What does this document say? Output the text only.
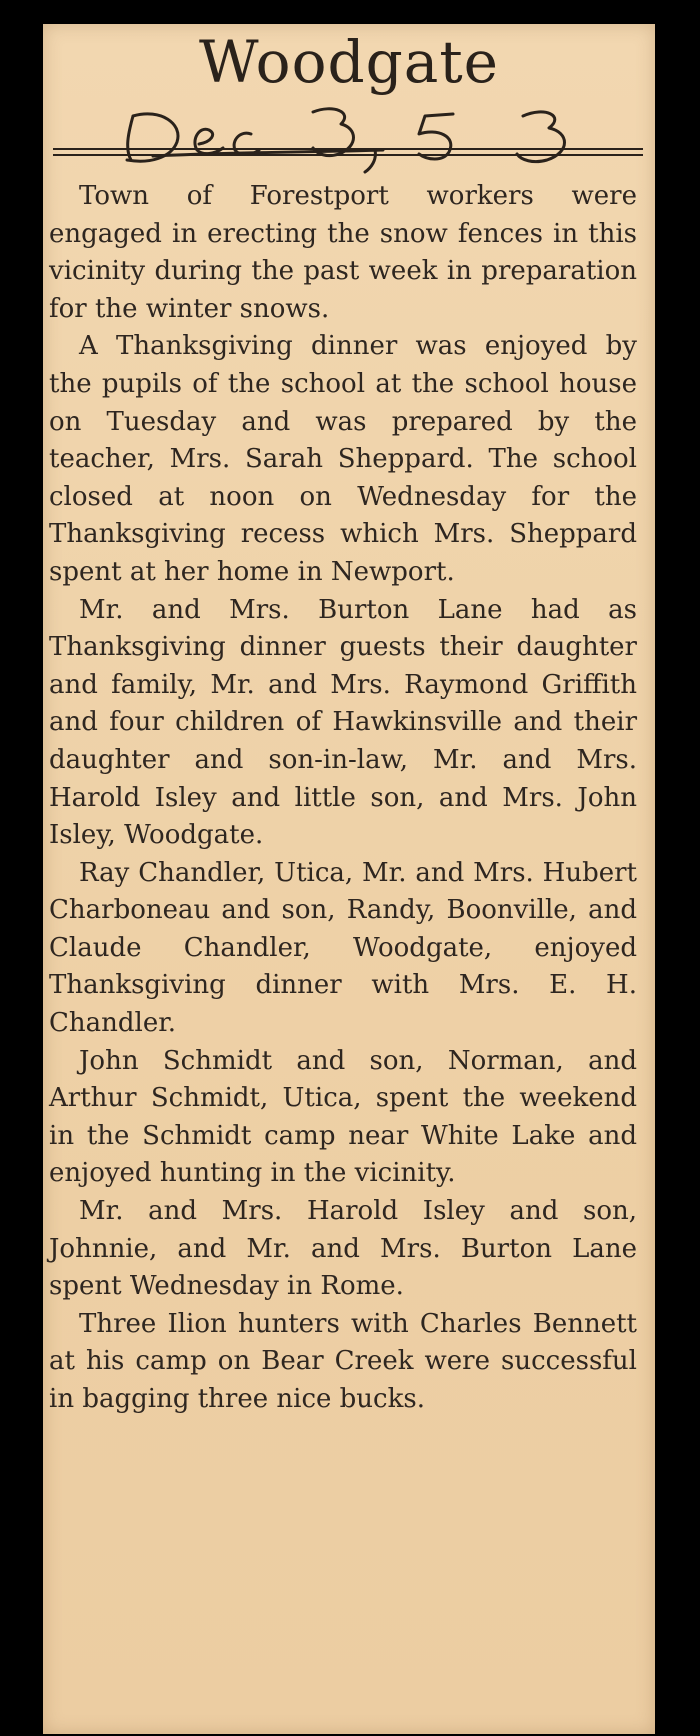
Woodgate

Town of Forestport workers were engaged in erecting the snow fences in this vicinity during the past week in preparation for the winter snows.

A Thanksgiving dinner was enjoyed by the pupils of the school at the school house on Tuesday and was prepared by the teacher, Mrs. Sarah Sheppard. The school closed at noon on Wednesday for the Thanksgiving recess which Mrs. Sheppard spent at her home in Newport.

Mr. and Mrs. Burton Lane had as Thanksgiving dinner guests their daughter and family, Mr. and Mrs. Raymond Griffith and four children of Hawkinsville and their daughter and son-in-law, Mr. and Mrs. Harold Isley and little son, and Mrs. John Isley, Woodgate.

Ray Chandler, Utica, Mr. and Mrs. Hubert Charboneau and son, Randy, Boonville, and Claude Chandler, Woodgate, enjoyed Thanksgiving dinner with Mrs. E. H. Chandler.

John Schmidt and son, Norman, and Arthur Schmidt, Utica, spent the weekend in the Schmidt camp near White Lake and enjoyed hunting in the vicinity.

Mr. and Mrs. Harold Isley and son, Johnnie, and Mr. and Mrs. Burton Lane spent Wednesday in Rome.

Three Ilion hunters with Charles Bennett at his camp on Bear Creek were successful in bagging three nice bucks.
